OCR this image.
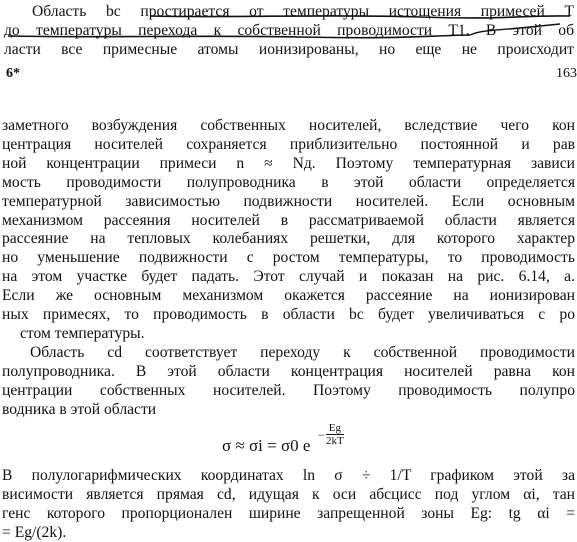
Область bc простирается от температуры истощения примесей T
до температуры перехода к собственной проводимости T1. В этой об
ласти все примесные атомы ионизированы, но еще не происходит
6*	163
заметного возбуждения собственных носителей, вследствие чего кон
центрация носителей сохраняется приблизительно постоянной и рав
ной концентрации примеси n ≈ Nд. Поэтому температурная зависи
мость проводимости полупроводника в этой области определяется
температурной зависимостью подвижности носителей. Если основным
механизмом рассеяния носителей в рассматриваемой области является
рассеяние на тепловых колебаниях решетки, для которого характер
но уменьшение подвижности с ростом температуры, то проводимость
на этом участке будет падать. Этот случай и показан на рис. 6.14, а.
Если же основным механизмом окажется рассеяние на ионизирован
ных примесях, то проводимость в области bc будет увеличиваться с ро
стом температуры.
Область cd соответствует переходу к собственной проводимости
полупроводника. В этой области концентрация носителей равна кон
центрации собственных носителей. Поэтому проводимость полупро
водника в этой области
σ ≈ σi = σ0 e
− $\frac{Eg}{2kT}$
В полулогарифмических координатах ln σ ÷ 1/T графиком этой за
висимости является прямая cd, идущая к оси абсцисс под углом αi, тан
генс которого пропорционален ширине запрещенной зоны Eg: tg αi =
= Eg/(2k).
